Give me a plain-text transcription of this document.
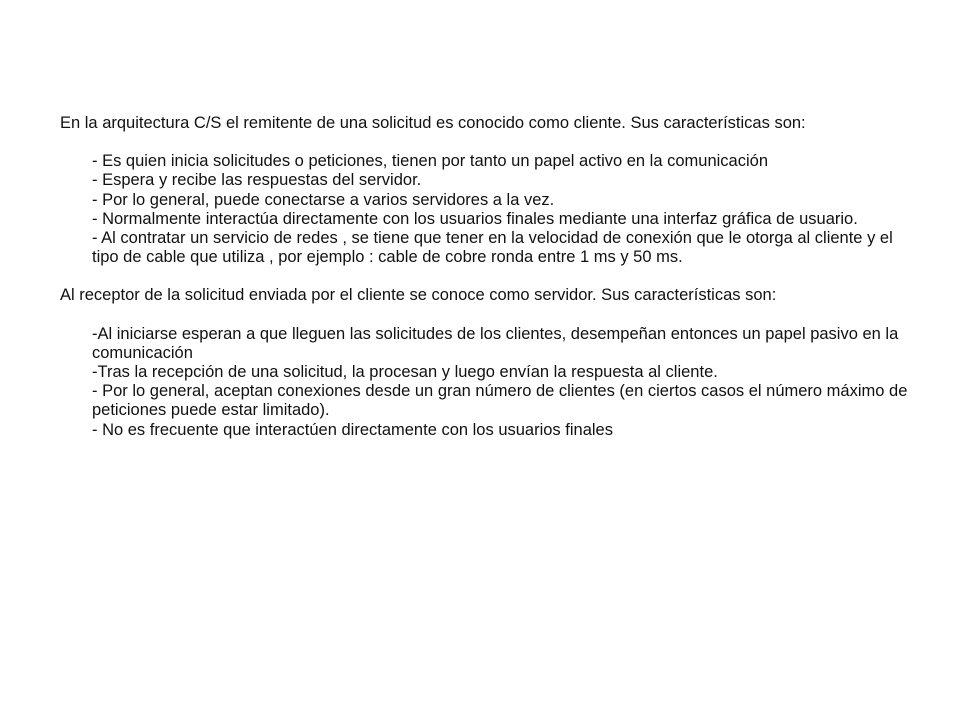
En la arquitectura C/S el remitente de una solicitud es conocido como cliente. Sus características son:

- Es quien inicia solicitudes o peticiones, tienen por tanto un papel activo en la comunicación
- Espera y recibe las respuestas del servidor.
- Por lo general, puede conectarse a varios servidores a la vez.
- Normalmente interactúa directamente con los usuarios finales mediante una interfaz gráfica de usuario.
- Al contratar un servicio de redes , se tiene que tener en la velocidad de conexión que le otorga al cliente y el tipo de cable que utiliza , por ejemplo : cable de cobre ronda entre 1 ms y 50 ms.

Al receptor de la solicitud enviada por el cliente se conoce como servidor. Sus características son:

-Al iniciarse esperan a que lleguen las solicitudes de los clientes, desempeñan entonces un papel pasivo en la comunicación
-Tras la recepción de una solicitud, la procesan y luego envían la respuesta al cliente.
- Por lo general, aceptan conexiones desde un gran número de clientes (en ciertos casos el número máximo de peticiones puede estar limitado).
- No es frecuente que interactúen directamente con los usuarios finales
